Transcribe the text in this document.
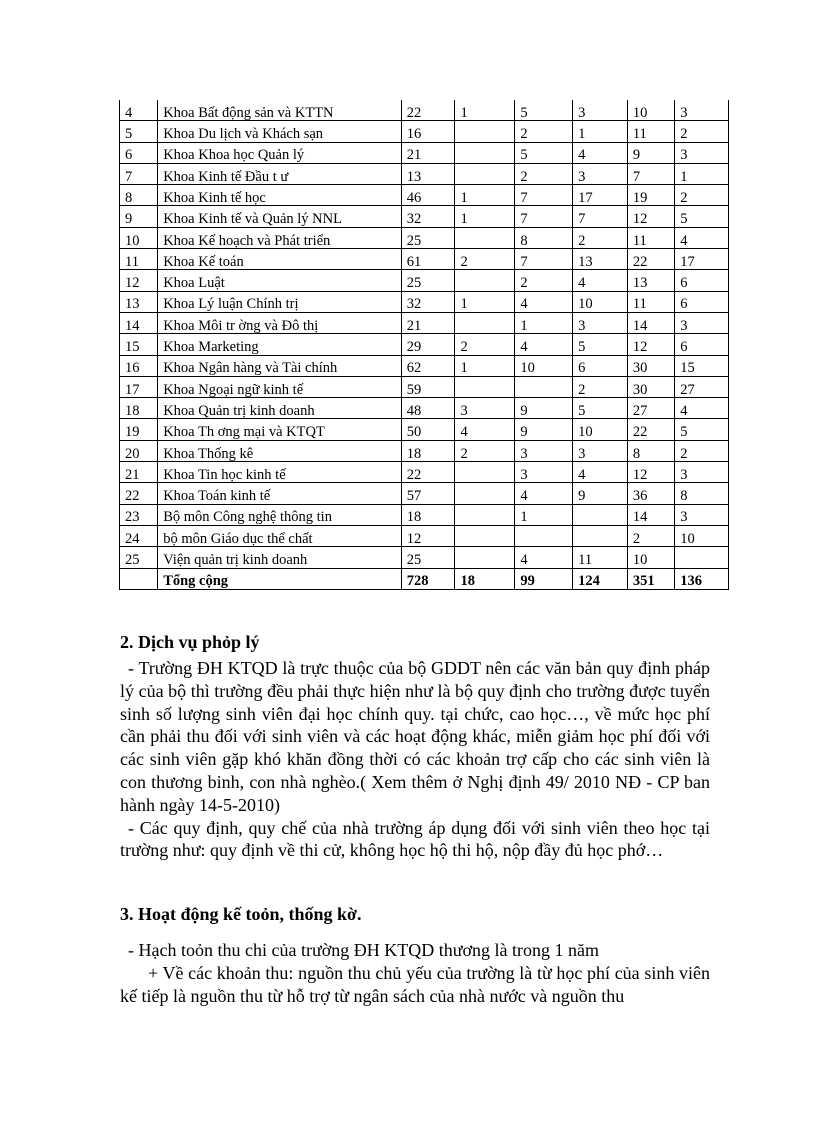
4	Khoa Bất động sản và KTTN	22	1	5	3	10	3
5	Khoa Du lịch và Khách sạn	16		2	1	11	2
6	Khoa Khoa học Quản lý	21		5	4	9	3
7	Khoa Kinh tế Đầu t ư	13		2	3	7	1
8	Khoa Kinh tế học	46	1	7	17	19	2
9	Khoa Kinh tế và Quản lý NNL	32	1	7	7	12	5
10	Khoa Kế hoạch và Phát triển	25		8	2	11	4
11	Khoa Kế toán	61	2	7	13	22	17
12	Khoa Luật	25		2	4	13	6
13	Khoa Lý luận Chính trị	32	1	4	10	11	6
14	Khoa Môi tr ờng và Đô thị	21		1	3	14	3
15	Khoa Marketing	29	2	4	5	12	6
16	Khoa Ngân hàng và Tài chính	62	1	10	6	30	15
17	Khoa Ngoại ngữ kinh tế	59			2	30	27
18	Khoa Quản trị kinh doanh	48	3	9	5	27	4
19	Khoa Th ơng mại và KTQT	50	4	9	10	22	5
20	Khoa Thống kê	18	2	3	3	8	2
21	Khoa Tin học kinh tế	22		3	4	12	3
22	Khoa Toán kinh tế	57		4	9	36	8
23	Bộ môn Công nghệ thông tin	18		1		14	3
24	bộ môn Giáo dục thể chất	12				2	10
25	Viện quản trị kinh doanh	25		4	11	10	
	Tổng cộng	728	18	99	124	351	136
2. Dịch vụ phỏp lý

- Trường ĐH KTQD là trực thuộc của bộ GDDT nên các văn bản quy định pháp lý của bộ thì trường đều phải thực hiện như là bộ quy định cho trường được tuyển sinh số lượng sinh viên đại học chính quy. tại chức, cao học…, về mức học phí cần phải thu đối với sinh viên và các hoạt động khác, miễn giảm học phí đối với các sinh viên gặp khó khăn đồng thời có các khoản trợ cấp cho các sinh viên là con thương binh, con nhà nghèo.( Xem thêm ở Nghị định 49/ 2010 NĐ - CP ban hành ngày 14-5-2010)

- Các quy định, quy chế của nhà trường áp dụng đối với sinh viên theo học tại trường như: quy định về thi cử, không học hộ thi hộ, nộp đầy đủ học phớ…

3. Hoạt động kế toỏn, thống kờ.

- Hạch toỏn thu chi của trường ĐH KTQD thương là trong 1 năm

+ Về các khoản thu: nguồn thu chủ yếu của trường là từ học phí của sinh viên kế tiếp là nguồn thu từ hỗ trợ từ ngân sách của nhà nước và nguồn thu
